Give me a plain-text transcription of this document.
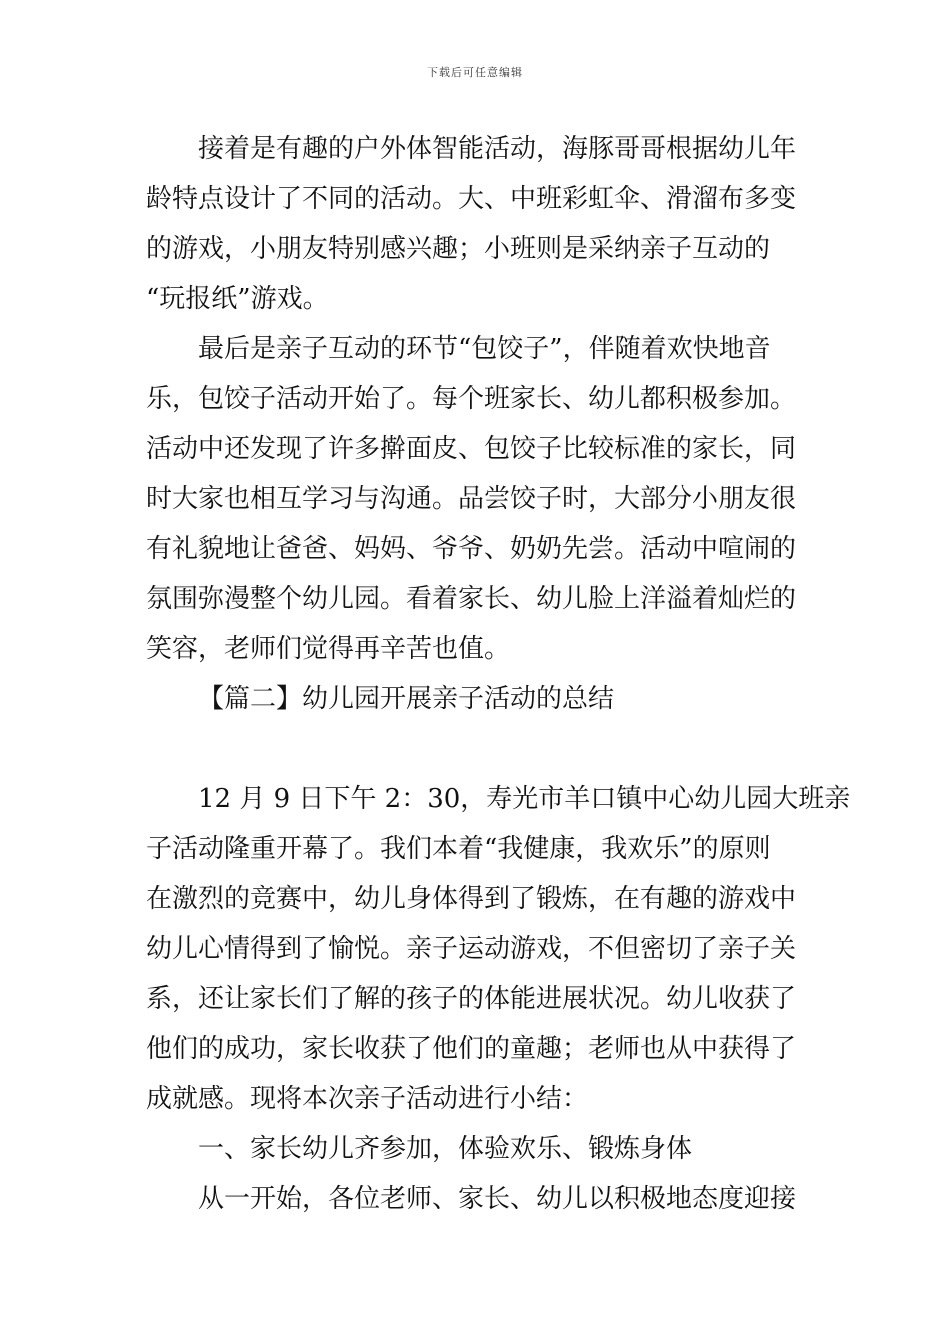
下载后可任意编辑
接着是有趣的户外体智能活动，海豚哥哥根据幼儿年
龄特点设计了不同的活动。大、中班彩虹伞、滑溜布多变
的游戏，小朋友特别感兴趣；小班则是采纳亲子互动的
“玩报纸”游戏。
最后是亲子互动的环节“包饺子”，伴随着欢快地音
乐，包饺子活动开始了。每个班家长、幼儿都积极参加。
活动中还发现了许多擀面皮、包饺子比较标准的家长，同
时大家也相互学习与沟通。品尝饺子时，大部分小朋友很
有礼貌地让爸爸、妈妈、爷爷、奶奶先尝。活动中喧闹的
氛围弥漫整个幼儿园。看着家长、幼儿脸上洋溢着灿烂的
笑容，老师们觉得再辛苦也值。
【篇二】幼儿园开展亲子活动的总结
12 月 9 日下午 2：30，寿光市羊口镇中心幼儿园大班亲
子活动隆重开幕了。我们本着“我健康，我欢乐”的原则
在激烈的竞赛中，幼儿身体得到了锻炼，在有趣的游戏中
幼儿心情得到了愉悦。亲子运动游戏，不但密切了亲子关
系，还让家长们了解的孩子的体能进展状况。幼儿收获了
他们的成功，家长收获了他们的童趣；老师也从中获得了
成就感。现将本次亲子活动进行小结：
一、家长幼儿齐参加，体验欢乐、锻炼身体
从一开始，各位老师、家长、幼儿以积极地态度迎接
